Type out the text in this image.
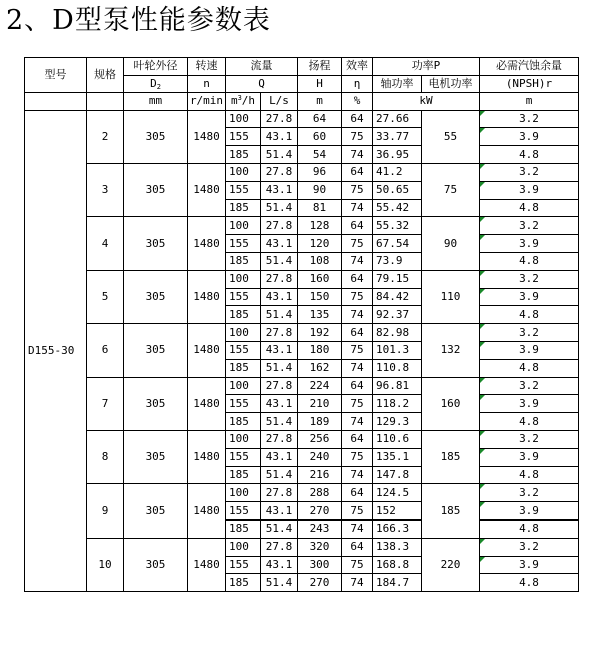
2、D型泵性能参数表
型号	规格	叶轮外径	转速	流量		扬程	效率	功率P		必需汽蚀余量
		$D_2$	n	Q		H	η	轴功率	电机功率	(NPSH)r
		mm	r/min	$m^3/h$	L/s	m	%	kW		m
D155-30	2	305	1480	100	27.8	64	64	27.66	55	3.2
				155	43.1	60	75	33.77		3.9
				185	51.4	54	74	36.95		4.8
	3	305	1480	100	27.8	96	64	41.2	75	3.2
				155	43.1	90	75	50.65		3.9
				185	51.4	81	74	55.42		4.8
	4	305	1480	100	27.8	128	64	55.32	90	3.2
				155	43.1	120	75	67.54		3.9
				185	51.4	108	74	73.9		4.8
	5	305	1480	100	27.8	160	64	79.15	110	3.2
				155	43.1	150	75	84.42		3.9
				185	51.4	135	74	92.37		4.8
	6	305	1480	100	27.8	192	64	82.98	132	3.2
				155	43.1	180	75	101.3		3.9
				185	51.4	162	74	110.8		4.8
	7	305	1480	100	27.8	224	64	96.81	160	3.2
				155	43.1	210	75	118.2		3.9
				185	51.4	189	74	129.3		4.8
	8	305	1480	100	27.8	256	64	110.6	185	3.2
				155	43.1	240	75	135.1		3.9
				185	51.4	216	74	147.8		4.8
	9	305	1480	100	27.8	288	64	124.5	185	3.2
				155	43.1	270	75	152		3.9
				185	51.4	243	74	166.3		4.8
	10	305	1480	100	27.8	320	64	138.3	220	3.2
				155	43.1	300	75	168.8		3.9
				185	51.4	270	74	184.7		4.8
